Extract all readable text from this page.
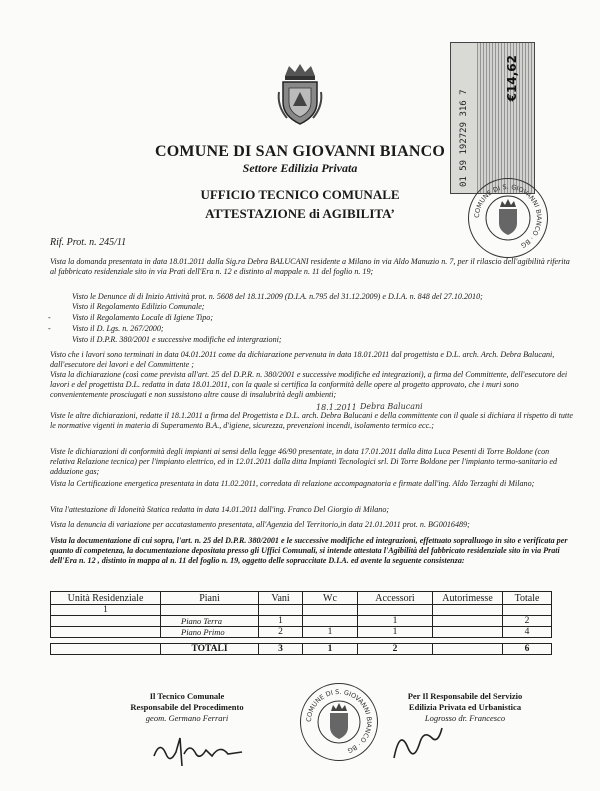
01 59 192729 316 7
€14,62
COMUNE DI S. GIOVANNI BIANCO · BG
COMUNE DI SAN GIOVANNI BIANCO
Settore Edilizia Privata
UFFICIO TECNICO COMUNALE
ATTESTAZIONE di AGIBILITA’

Rif. Prot. n. 245/11

Vista la domanda presentata in data 18.01.2011 dalla Sig.ra Debra BALUCANI residente a Milano in via Aldo Manuzio n. 7, per il rilascio dell'agibilità riferita al fabbricato residenziale sito in via Prati dell'Era n. 12 e distinto al mappale n. 11 del foglio n. 19;

Visto le Denunce di di Inizio Attività prot. n. 5608 del 18.11.2009 (D.I.A. n.795 del 31.12.2009) e D.I.A. n. 848 del 27.10.2010;

Visto il Regolamento Edilizio Comunale;

-	Visto il Regolamento Locale di Igiene Tipo;

-	Visto il D. Lgs. n. 267/2000;

Visto il D.P.R. 380/2001 e successive modifiche ed intergrazioni;

Visto che i lavori sono terminati in data 04.01.2011 come da dichiarazione pervenuta in data 18.01.2011 dal progettista e D.L. arch. Arch. Debra Balucani, dall'esecutore dei lavori e del Committente ;

Vista la dichiarazione (così come prevista all'art. 25 del D.P.R. n. 380/2001 e successive modifiche ed integrazioni), a firma del Committente, dell'esecutore dei lavori e del progettista D.L. redatta in data 18.01.2011, con la quale si certifica la conformità delle opere al progetto approvato, che i muri sono convenientemente prosciugati e non sussistono altre cause di insalubrità degli ambienti;

Debra Balucani
18.1.2011

Viste le altre dichiarazioni, redatte il 18.1.2011 a firma del Progettista e D.L. arch. Debra Balucani e della committente con il quale si dichiara il rispetto di tutte le normative vigenti in materia di Superamento B.A., d'igiene, sicurezza, prevenzioni incendi, isolamento termico ecc.;

Viste le dichiarazioni di conformità degli impianti ai sensi della legge 46/90 presentate, in data 17.01.2011 dalla ditta Luca Pesenti di Torre Boldone (con relativa Relazione tecnica) per l'impianto elettrico, ed in 12.01.2011 dalla ditta Impianti Tecnologici srl. Di Torre Boldone per l'impianto termo-sanitario ed adduzione gas;

Vista la Certificazione energetica presentata in data 11.02.2011, corredata di relazione accompagnatoria e firmate dall'ing. Aldo Terzaghi di Milano;

Vita l'attestazione di Idoneità Statica redatta in data 14.01.2011 dall'ing. Franco Del Giorgio di Milano;

Vista la denuncia di variazione per accatastamento presentata, all'Agenzia del Territorio,in data 21.01.2011 prot. n. BG0016489;

Vista la documentazione di cui sopra, l'art. n. 25 del D.P.R. 380/2001 e le successive modifiche ed integrazioni, effettuato sopralluogo in sito e verificata per quanto di competenza, la documentazione depositata presso gli Uffici Comunali, si intende attestata l'Agibilità del fabbricato residenziale sito in via Prati dell'Era n. 12 , distinto in mappa al n. 11 del foglio n. 19, oggetto delle sopraccitate D.I.A. ed avente la seguente consistenza:

Unità Residenziale	Piani	Vani	Wc	Accessori	Autorimesse	Totale
1						
	Piano Terra	1		1		2
	Piano Primo	2	1	1		4

	TOTALI	3	1	2		6
Il Tecnico Comunale
Responsabile del Procedimento
geom. Germano Ferrari	COMUNE DI S. GIOVANNI BIANCO · BG
Per Il Responsabile del Servizio
Edilizia Privata ed Urbanistica
Logrosso dr. Francesco
